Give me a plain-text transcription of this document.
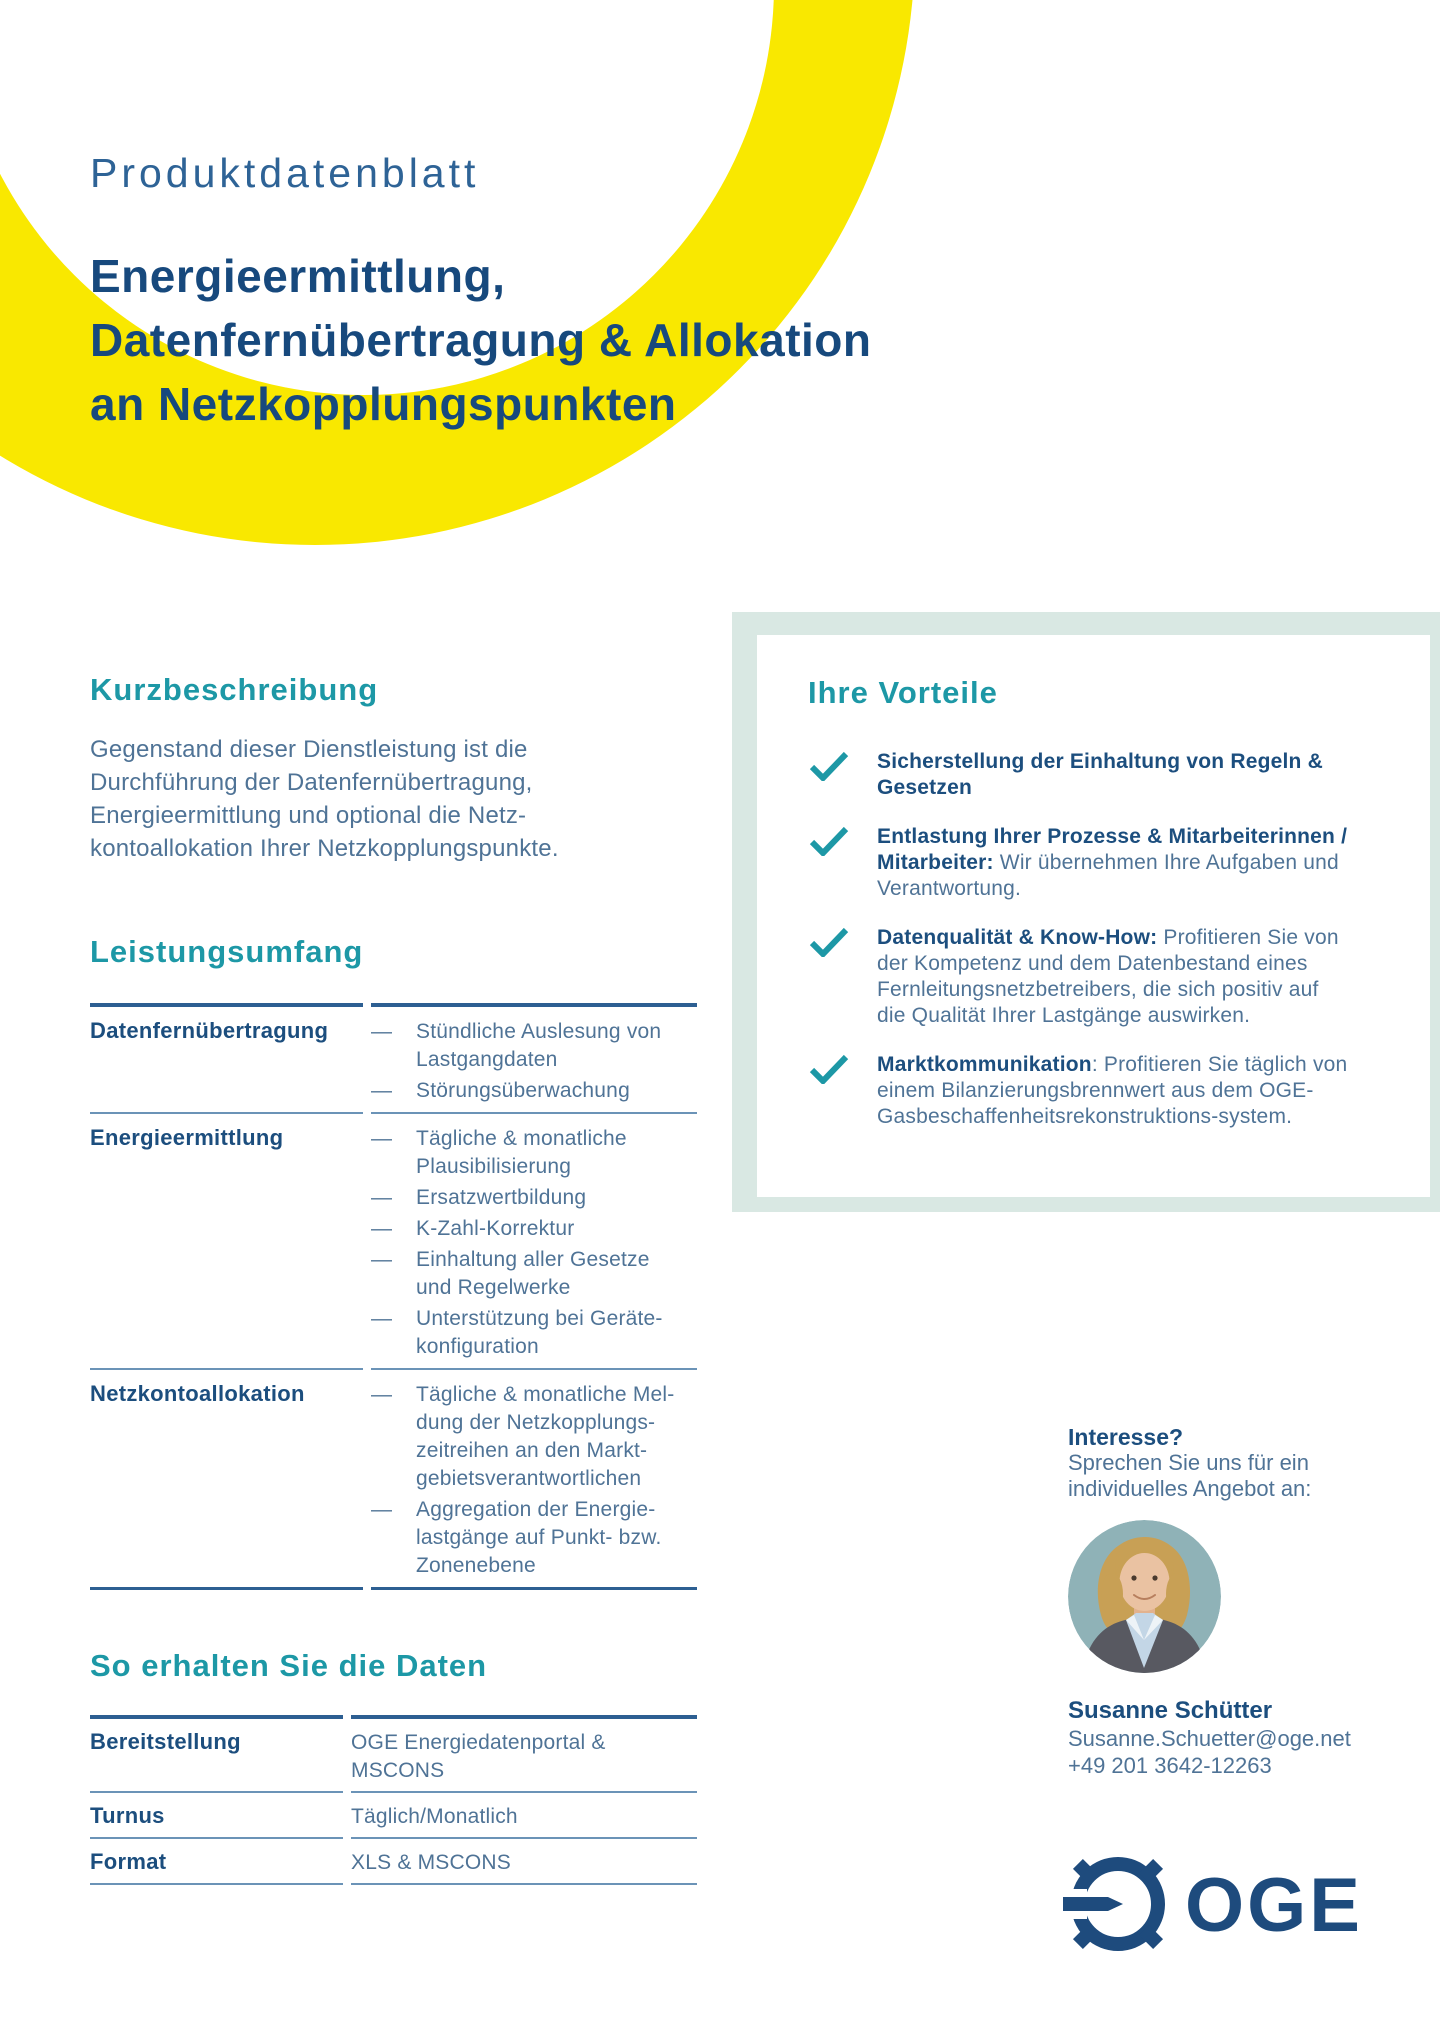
Produktdatenblatt
Energieermittlung,
Datenfernübertragung & Allokation
an Netzkopplungspunkten
Kurzbeschreibung
Gegenstand dieser Dienstleistung ist die
Durchführung der Datenfernübertragung,
Energieermittlung und optional die Netz-
kontoallokation Ihrer Netzkopplungspunkte.
Leistungsumfang
Datenfernübertragung	—	Stündliche Auslesung von
Lastgangdaten
—	Störungsüberwachung
Energieermittlung	—	Tägliche & monatliche
Plausibilisierung
—	Ersatzwertbildung
—	K-Zahl-Korrektur
—	Einhaltung aller Gesetze
und Regelwerke
—	Unterstützung bei Geräte-
konfiguration
Netzkontoallokation	—	Tägliche & monatliche Mel-
dung der Netzkopplungs-
zeitreihen an den Markt-
gebietsverantwortlichen
—	Aggregation der Energie-
lastgänge auf Punkt- bzw.
Zonenebene
So erhalten Sie die Daten
Bereitstellung	OGE Energiedatenportal &
MSCONS
Turnus	Täglich/Monatlich
Format	XLS & MSCONS
Ihre Vorteile

Sicherstellung der Einhaltung von Regeln & Gesetzen

Entlastung Ihrer Prozesse & Mitarbeiterinnen / Mitarbeiter: Wir übernehmen Ihre Aufgaben und Verantwortung.

Datenqualität & Know-How: Profitieren Sie von der Kompetenz und dem Datenbestand eines Fernleitungsnetzbetreibers, die sich positiv auf die Qualität Ihrer Lastgänge auswirken.

Marktkommunikation: Profitieren Sie täglich von einem Bilanzierungsbrennwert aus dem OGE-Gasbeschaffenheitsrekonstruktions-system.

Interesse?
Sprechen Sie uns für ein
individuelles Angebot an:
Susanne Schütter
Susanne.Schuetter@oge.net
+49 201 3642-12263
OGE
